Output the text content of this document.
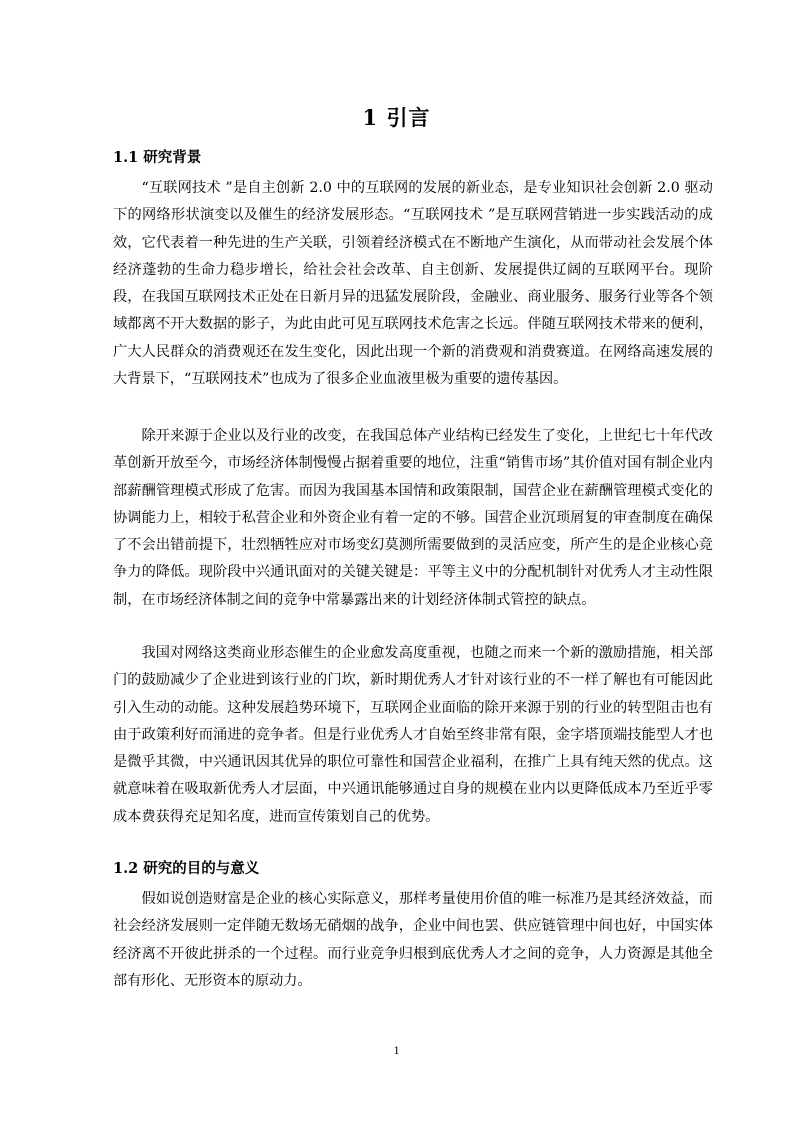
1 引言
1.1 研究背景

“互联网技术 ”是自主创新 2.0 中的互联网的发展的新业态，是专业知识社会创新 2.0 驱动下的网络形状演变以及催生的经济发展形态。“互联网技术 ”是互联网营销进一步实践活动的成效，它代表着一种先进的生产关联，引领着经济模式在不断地产生演化，从而带动社会发展个体经济蓬勃的生命力稳步增长，给社会社会改革、自主创新、发展提供辽阔的互联网平台。现阶段，在我国互联网技术正处在日新月异的迅猛发展阶段，金融业、商业服务、服务行业等各个领域都离不开大数据的影子，为此由此可见互联网技术危害之长远。伴随互联网技术带来的便利，广大人民群众的消费观还在发生变化，因此出现一个新的消费观和消费赛道。在网络高速发展的大背景下，“互联网技术”也成为了很多企业血液里极为重要的遗传基因。

除开来源于企业以及行业的改变，在我国总体产业结构已经发生了变化，上世纪七十年代改革创新开放至今，市场经济体制慢慢占据着重要的地位，注重“销售市场”其价值对国有制企业内部薪酬管理模式形成了危害。而因为我国基本国情和政策限制，国营企业在薪酬管理模式变化的协调能力上，相较于私营企业和外资企业有着一定的不够。国营企业沉琐屑复的审查制度在确保了不会出错前提下，壮烈牺牲应对市场变幻莫测所需要做到的灵活应变，所产生的是企业核心竞争力的降低。现阶段中兴通讯面对的关键关键是：平等主义中的分配机制针对优秀人才主动性限制，在市场经济体制之间的竞争中常暴露出来的计划经济体制式管控的缺点。

我国对网络这类商业形态催生的企业愈发高度重视，也随之而来一个新的激励措施，相关部门的鼓励减少了企业进到该行业的门坎，新时期优秀人才针对该行业的不一样了解也有可能因此引入生动的动能。这种发展趋势环境下，互联网企业面临的除开来源于别的行业的转型阻击也有由于政策利好而涌进的竞争者。但是行业优秀人才自始至终非常有限，金字塔顶端技能型人才也是微乎其微，中兴通讯因其优异的职位可靠性和国营企业福利，在推广上具有纯天然的优点。这就意味着在吸取新优秀人才层面，中兴通讯能够通过自身的规模在业内以更降低成本乃至近乎零成本费获得充足知名度，进而宣传策划自己的优势。

1.2 研究的目的与意义

假如说创造财富是企业的核心实际意义，那样考量使用价值的唯一标准乃是其经济效益，而社会经济发展则一定伴随无数场无硝烟的战争，企业中间也罢、供应链管理中间也好，中国实体经济离不开彼此拼杀的一个过程。而行业竞争归根到底优秀人才之间的竞争，人力资源是其他全部有形化、无形资本的原动力。

1
